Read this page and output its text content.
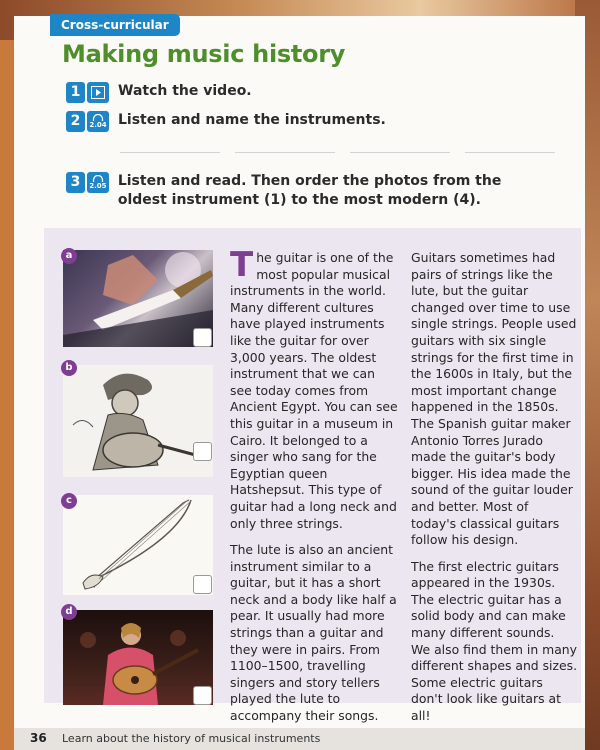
Cross-curricular
Making music history
1	Watch the video.
2	2.04 Listen and name the instruments.
3	2.05 Listen and read. Then order the photos from the oldest instrument (1) to the most modern (4).
a
b
c
d

The guitar is one of the most popular musical instruments in the world. Many different cultures have played instruments like the guitar for over 3,000 years. The oldest instrument that we can see today comes from Ancient Egypt. You can see this guitar in a museum in Cairo. It belonged to a singer who sang for the Egyptian queen Hatshepsut. This type of guitar had a long neck and only three strings.

The lute is also an ancient instrument similar to a guitar, but it has a short neck and a body like half a pear. It usually had more strings than a guitar and they were in pairs. From 1100–1500, travelling singers and story tellers played the lute to accompany their songs.

Guitars sometimes had pairs of strings like the lute, but the guitar changed over time to use single strings. People used guitars with six single strings for the first time in the 1600s in Italy, but the most important change happened in the 1850s. The Spanish guitar maker Antonio Torres Jurado made the guitar's body bigger. His idea made the sound of the guitar louder and better. Most of today's classical guitars follow his design.

The first electric guitars appeared in the 1930s. The electric guitar has a solid body and can make many different sounds. We also find them in many different shapes and sizes. Some electric guitars don't look like guitars at all!

36 Learn about the history of musical instruments
